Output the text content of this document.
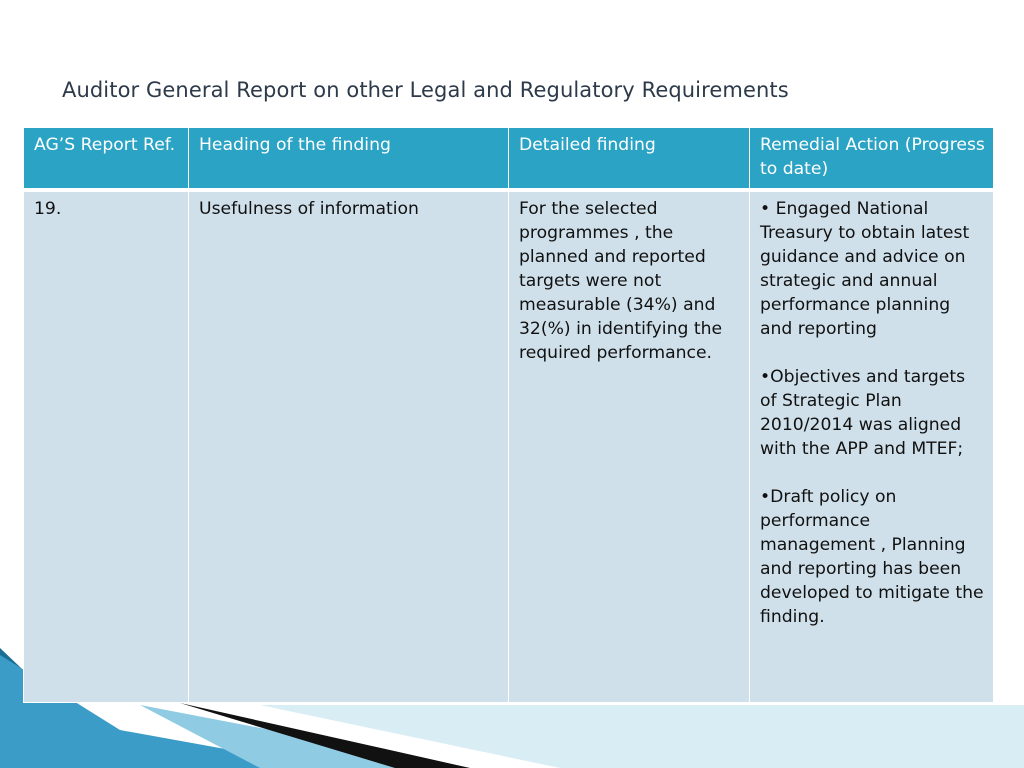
Auditor General Report on other Legal and Regulatory Requirements
AG’S Report Ref.	Heading of the finding	Detailed finding	Remedial Action (Progress to date)
19.	Usefulness of information	For the selected programmes , the planned and reported targets were not measurable (34%) and 32(%) in identifying the required performance.	• Engaged National Treasury to obtain latest guidance and advice on strategic and annual performance planning and reporting

•Objectives and targets of Strategic Plan 2010/2014 was aligned with the APP and MTEF;

•Draft policy on performance management , Planning and reporting has been developed to mitigate the finding.
